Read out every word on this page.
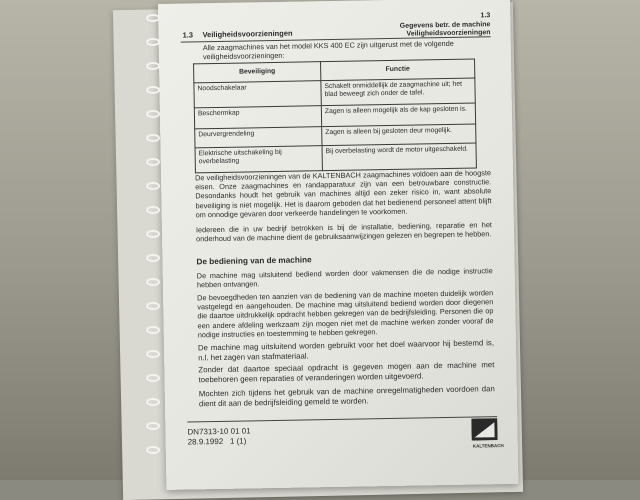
1.3
Gegevens betr. de machine
Veiligheidsvoorzieningen
1.3 Veiligheidsvoorzieningen
Alle zaagmachines van het model KKS 400 EC zijn uitgerust met de volgende veiligheidsvoorzieningen:
Beveiliging	Functie
Noodschakelaar	Schakelt onmiddellijk de zaagmachine uit; het blad beweegt zich onder de tafel.
Beschermkap	Zagen is alleen mogelijk als de kap gesloten is.
Deurvergrendeling	Zagen is alleen bij gesloten deur mogelijk.
Elektrische uitschakeling bij overbelasting	Bij overbelasting wordt de motor uitgeschakeld.
De veiligheidsvoorzieningen van de KALTENBACH zaagmachines voldoen aan de hoogste eisen. Onze zaagmachines en randapparatuur zijn van een betrouwbare constructie. Desondanks houdt het gebruik van machines altijd een zeker risico in, want absolute beveiliging is niet mogelijk. Het is daarom geboden dat het bedienend personeel attent blijft om onnodige gevaren door verkeerde handelingen te voorkomen.
Iedereen die in uw bedrijf betrokken is bij de installatie, bediening, reparatie en het onderhoud van de machine dient de gebruiksaanwijzingen gelezen en begrepen te hebben.
De bediening van de machine
De machine mag uitsluitend bediend worden door vakmensen die de nodige instructie hebben ontvangen.
De bevoegdheden ten aanzien van de bediening van de machine moeten duidelijk worden vastgelegd en aangehouden. De machine mag uitsluitend bediend worden door diegenen die daartoe uitdrukkelijk opdracht hebben gekregen van de bedrijfsleiding. Personen die op een andere afdeling werkzaam zijn mogen niet met de machine werken zonder vooraf de nodige instructies en toestemming te hebben gekregen.
De machine mag uitsluitend worden gebruikt voor het doel waarvoor hij bestemd is, n.l. het zagen van stafmateriaal.
Zonder dat daartoe speciaal opdracht is gegeven mogen aan de machine met toebehoren geen reparaties of veranderingen worden uitgevoerd.
Mochten zich tijdens het gebruik van de machine onregelmatigheden voordoen dan dient dit aan de bedrijfsleiding gemeld te worden.
DN7313-10 01 01
28.9.1992 1 (1)	KALTENBACH
